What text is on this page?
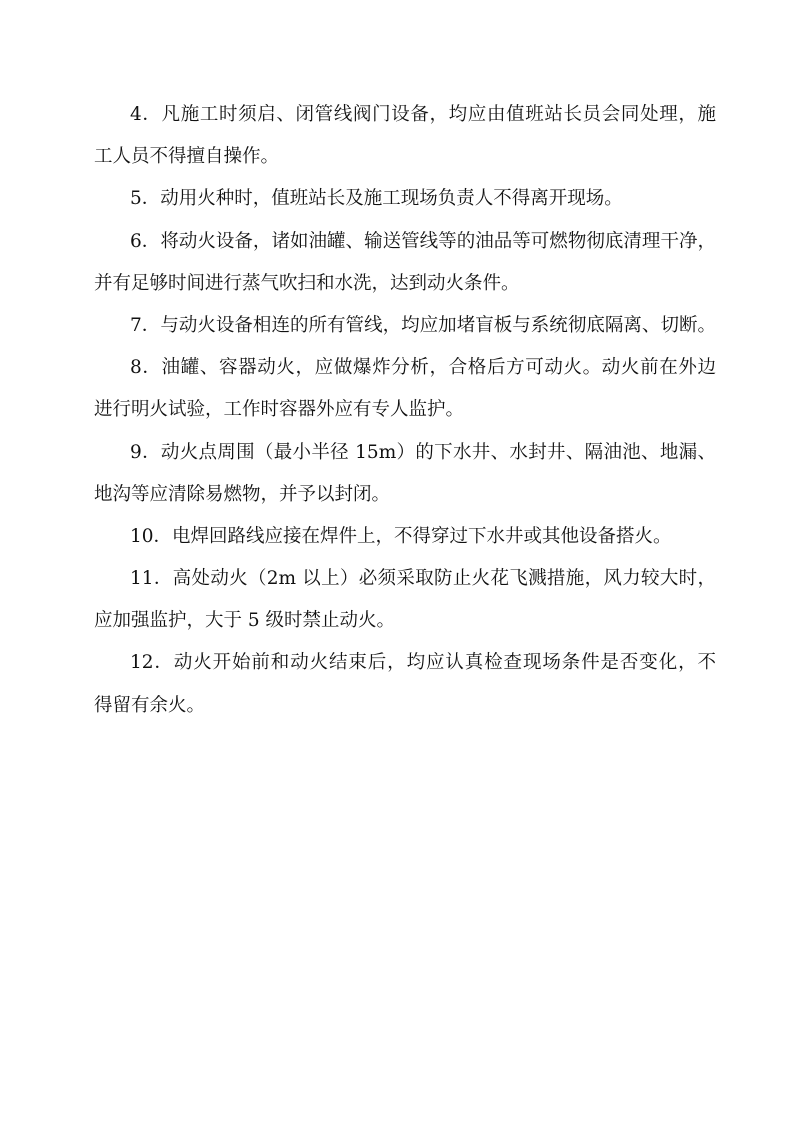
4．凡施工时须启、闭管线阀门设备，均应由值班站长员会同处理，施
工人员不得擅自操作。
5．动用火种时，值班站长及施工现场负责人不得离开现场。
6．将动火设备，诸如油罐、输送管线等的油品等可燃物彻底清理干净，
并有足够时间进行蒸气吹扫和水洗，达到动火条件。
7．与动火设备相连的所有管线，均应加堵盲板与系统彻底隔离、切断。
8．油罐、容器动火，应做爆炸分析，合格后方可动火。动火前在外边
进行明火试验，工作时容器外应有专人监护。
9．动火点周围（最小半径 15m）的下水井、水封井、隔油池、地漏、
地沟等应清除易燃物，并予以封闭。
10．电焊回路线应接在焊件上，不得穿过下水井或其他设备搭火。
11．高处动火（2m 以上）必须采取防止火花飞溅措施，风力较大时，
应加强监护，大于 5 级时禁止动火。
12．动火开始前和动火结束后，均应认真检查现场条件是否变化，不
得留有余火。
